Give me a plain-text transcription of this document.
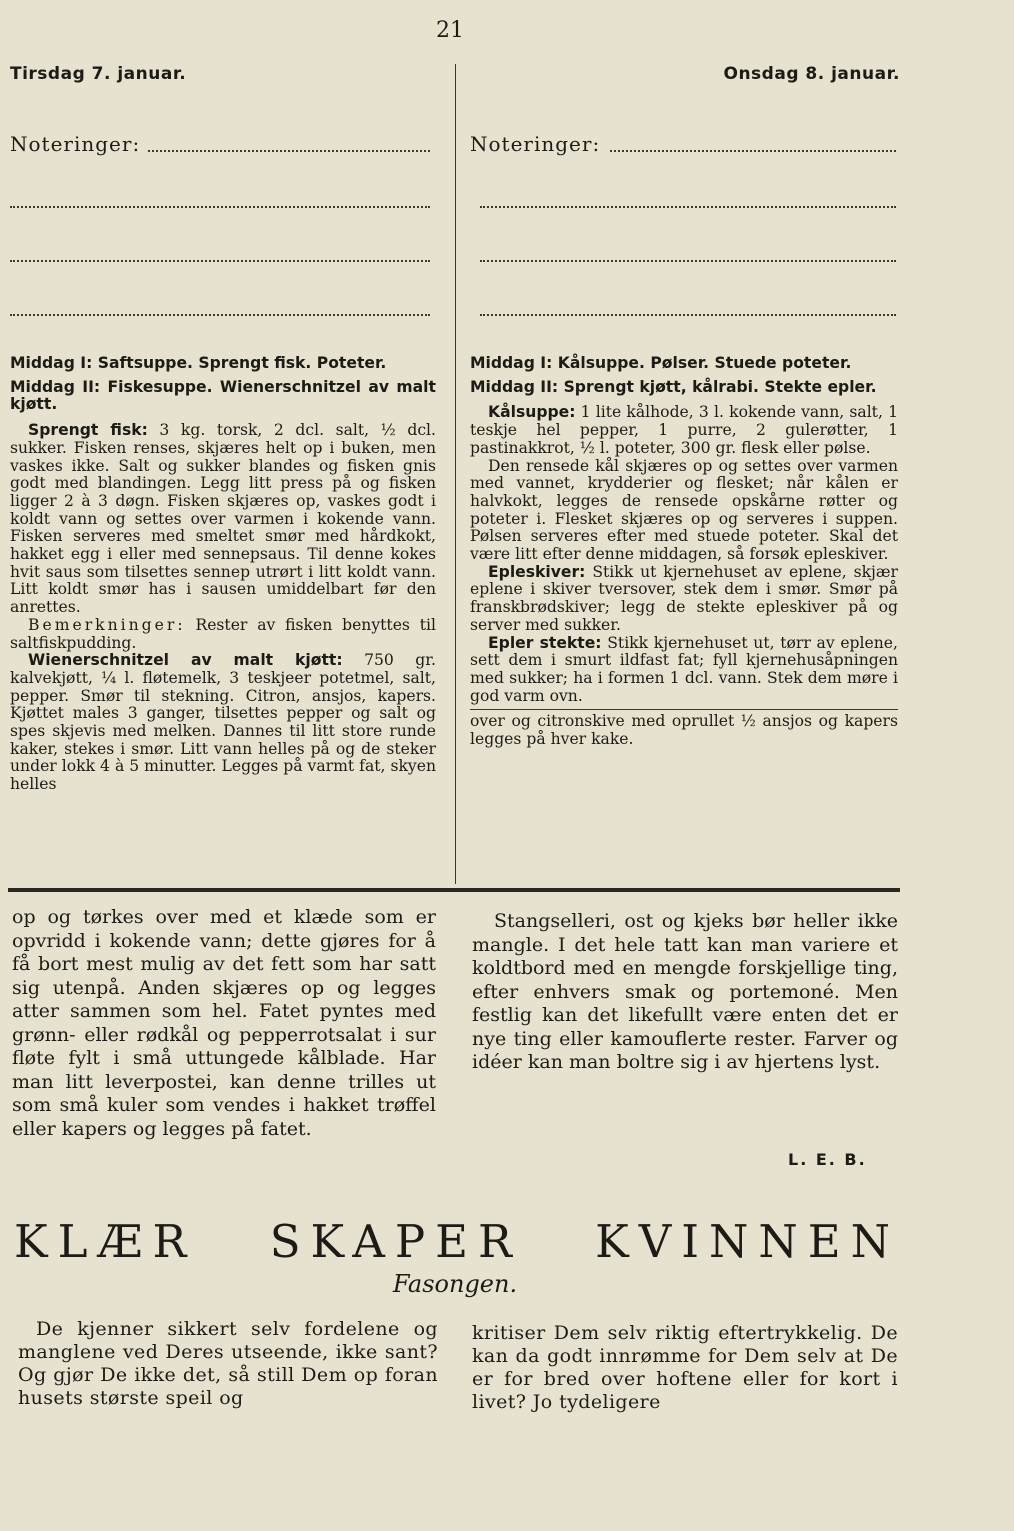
21
Tirsdag 7. januar.
Noteringer:
Onsdag 8. januar.
Noteringer:

Middag I: Saftsuppe. Sprengt fisk. Poteter.

Middag II: Fiskesuppe. Wienerschnitzel av malt kjøtt.

Sprengt fisk: 3 kg. torsk, 2 dcl. salt, ½ dcl. sukker. Fisken renses, skjæres helt op i buken, men vaskes ikke. Salt og sukker blandes og fisken gnis godt med blandingen. Legg litt press på og fisken ligger 2 à 3 døgn. Fisken skjæres op, vaskes godt i koldt vann og settes over varmen i kokende vann. Fisken serveres med smeltet smør med hårdkokt, hakket egg i eller med sennepsaus. Til denne kokes hvit saus som tilsettes sennep utrørt i litt koldt vann. Litt koldt smør has i sausen umiddelbart før den anrettes.

Bemerkninger: Rester av fisken benyttes til saltfiskpudding.

Wienerschnitzel av malt kjøtt: 750 gr. kalvekjøtt, ¼ l. fløtemelk, 3 teskjeer potetmel, salt, pepper. Smør til stekning. Citron, ansjos, kapers. Kjøttet males 3 ganger, tilsettes pepper og salt og spes skjevis med melken. Dannes til litt store runde kaker, stekes i smør. Litt vann helles på og de steker under lokk 4 à 5 minutter. Legges på varmt fat, skyen helles

Middag I: Kålsuppe. Pølser. Stuede poteter.

Middag II: Sprengt kjøtt, kålrabi. Stekte epler.

Kålsuppe: 1 lite kålhode, 3 l. kokende vann, salt, 1 teskje hel pepper, 1 purre, 2 gulerøtter, 1 pastinakkrot, ½ l. poteter, 300 gr. flesk eller pølse.

Den rensede kål skjæres op og settes over varmen med vannet, krydderier og flesket; når kålen er halvkokt, legges de rensede opskårne røtter og poteter i. Flesket skjæres op og serveres i suppen. Pølsen serveres efter med stuede poteter. Skal det være litt efter denne middagen, så forsøk epleskiver.

Epleskiver: Stikk ut kjernehuset av eplene, skjær eplene i skiver tversover, stek dem i smør. Smør på franskbrødskiver; legg de stekte epleskiver på og server med sukker.

Epler stekte: Stikk kjernehuset ut, tørr av eplene, sett dem i smurt ildfast fat; fyll kjernehusåpningen med sukker; ha i formen 1 dcl. vann. Stek dem møre i god varm ovn.

over og citronskive med oprullet ½ ansjos og kapers legges på hver kake.

op og tørkes over med et klæde som er opvridd i kokende vann; dette gjøres for å få bort mest mulig av det fett som har satt sig utenpå. Anden skjæres op og legges atter sammen som hel. Fatet pyntes med grønn- eller rødkål og pepperrotsalat i sur fløte fylt i små uttungede kålblade. Har man litt leverpostei, kan denne trilles ut som små kuler som vendes i hakket trøffel eller kapers og legges på fatet.

Stangselleri, ost og kjeks bør heller ikke mangle. I det hele tatt kan man variere et koldtbord med en mengde forskjellige ting, efter enhvers smak og portemoné. Men festlig kan det likefullt være enten det er nye ting eller kamouflerte rester. Farver og idéer kan man boltre sig i av hjertens lyst.

L. E. B.
KLÆR SKAPER KVINNEN
Fasongen.

De kjenner sikkert selv fordelene og manglene ved Deres utseende, ikke sant? Og gjør De ikke det, så still Dem op foran husets største speil og

kritiser Dem selv riktig eftertrykkelig. De kan da godt innrømme for Dem selv at De er for bred over hoftene eller for kort i livet? Jo tydeligere
